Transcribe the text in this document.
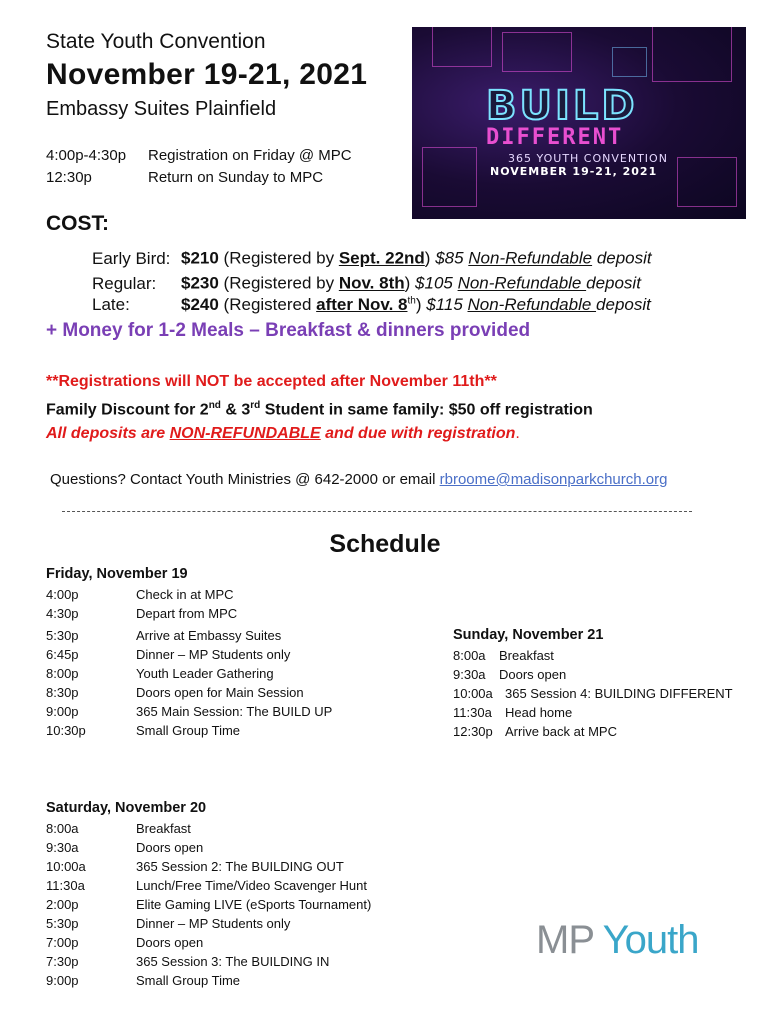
State Youth Convention
November 19-21, 2021
Embassy Suites Plainfield
4:00p-4:30p Registration on Friday @ MPC
12:30p	Return on Sunday to MPC
BUILD
DIFFERENT
365 YOUTH CONVENTION
NOVEMBER 19-21, 2021
COST:
Early Bird: $210 (Registered by Sept. 22nd) $85 Non-Refundable deposit
Regular: $230 (Registered by Nov. 8th) $105 Non-Refundable deposit
Late:	$240 (Registered after Nov. 8th) $115 Non-Refundable deposit
+ Money for 1-2 Meals – Breakfast & dinners provided
**Registrations will NOT be accepted after November 11th**
Family Discount for 2nd & 3rd Student in same family: $50 off registration
All deposits are NON-REFUNDABLE and due with registration.
Questions? Contact Youth Ministries @ 642-2000 or email rbroome@madisonparkchurch.org
Schedule
Friday, November 19
4:00p	Check in at MPC
4:30p	Depart from MPC
5:30p	Arrive at Embassy Suites
6:45p	Dinner – MP Students only
8:00p	Youth Leader Gathering
8:30p	Doors open for Main Session
9:00p	365 Main Session: The BUILD UP
10:30p	Small Group Time
Sunday, November 21
8:00a Breakfast
9:30a Doors open
10:00a 365 Session 4: BUILDING DIFFERENT
11:30a Head home
12:30p Arrive back at MPC
Saturday, November 20
8:00a	Breakfast
9:30a	Doors open
10:00a	365 Session 2: The BUILDING OUT
11:30a	Lunch/Free Time/Video Scavenger Hunt
2:00p	Elite Gaming LIVE (eSports Tournament)
5:30p	Dinner – MP Students only
7:00p	Doors open
7:30p	365 Session 3: The BUILDING IN
9:00p	Small Group Time
MP Youth
